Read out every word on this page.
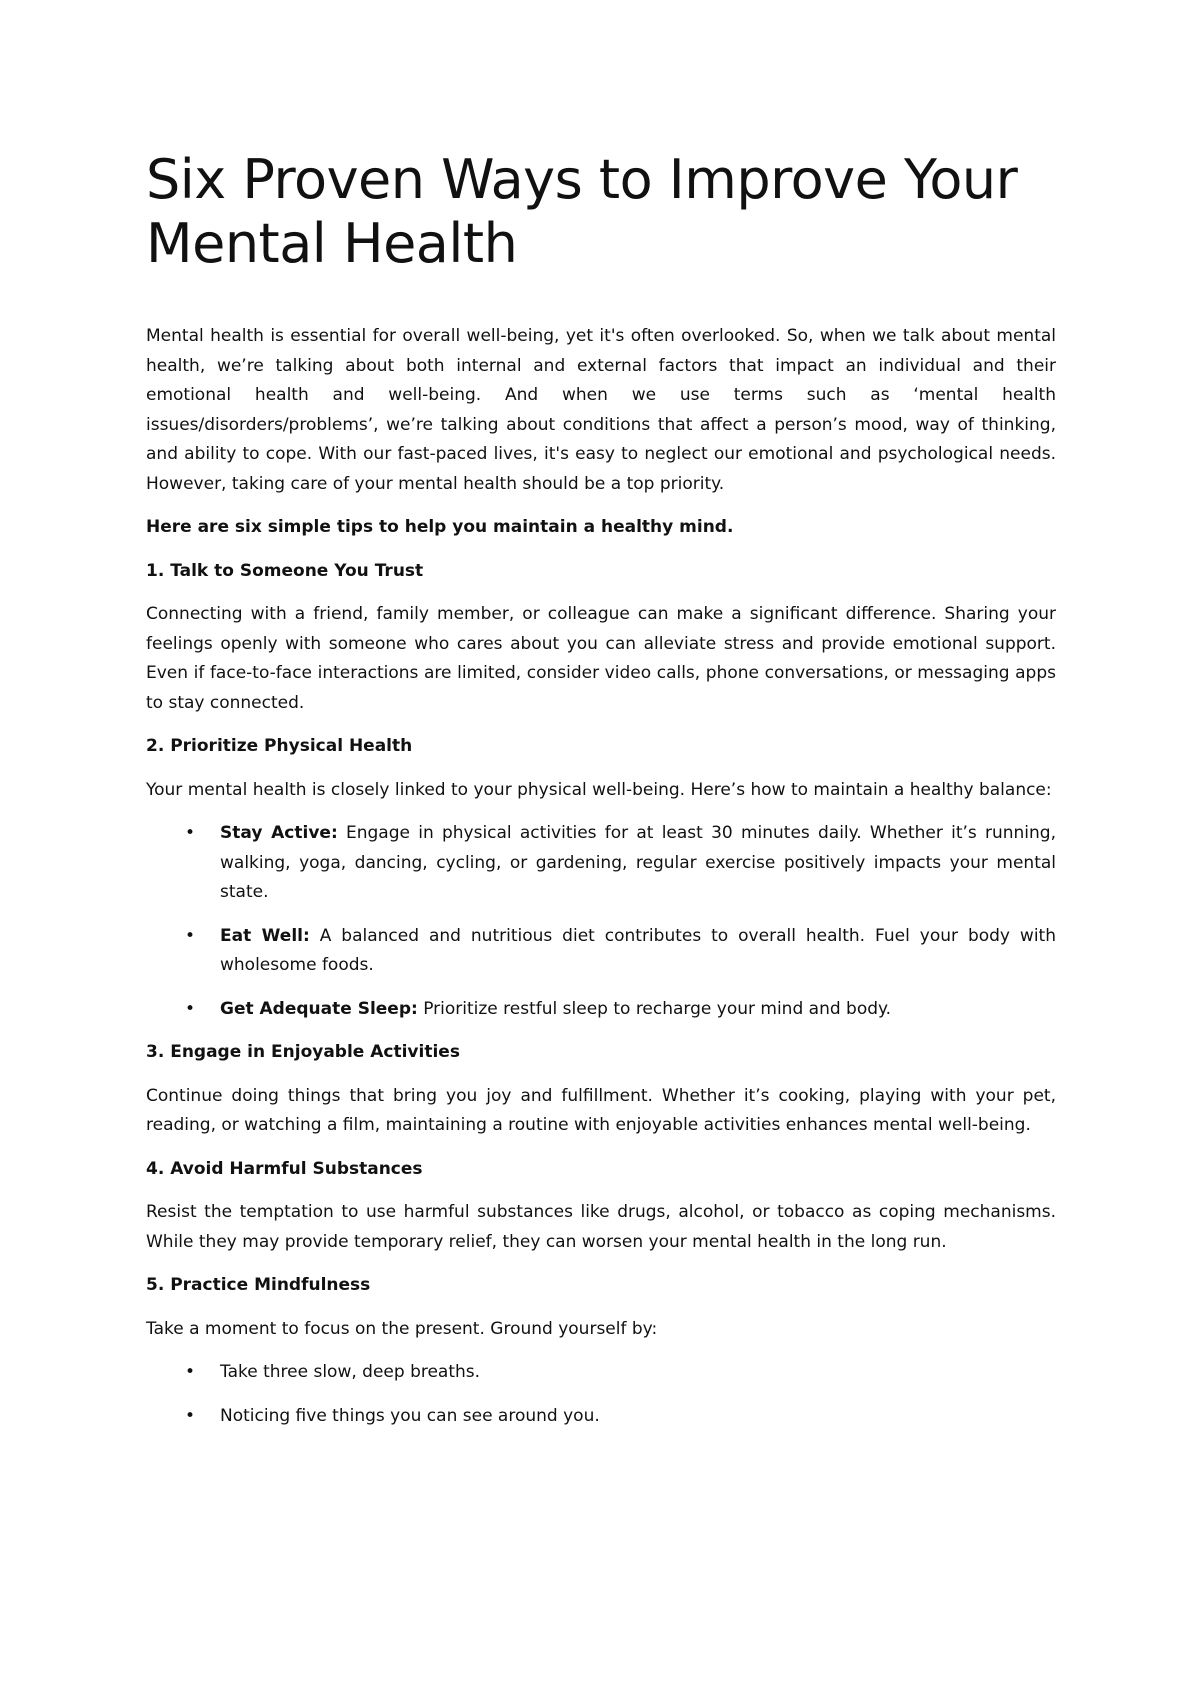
Six Proven Ways to Improve Your Mental Health

Mental health is essential for overall well-being, yet it's often overlooked. So, when we talk about mental health, we’re talking about both internal and external factors that impact an individual and their emotional health and well-being. And when we use terms such as ‘mental health issues/disorders/problems’, we’re talking about conditions that affect a person’s mood, way of thinking, and ability to cope. With our fast-paced lives, it's easy to neglect our emotional and psychological needs. However, taking care of your mental health should be a top priority.

Here are six simple tips to help you maintain a healthy mind.

1. Talk to Someone You Trust

Connecting with a friend, family member, or colleague can make a significant difference. Sharing your feelings openly with someone who cares about you can alleviate stress and provide emotional support. Even if face-to-face interactions are limited, consider video calls, phone conversations, or messaging apps to stay connected.

2. Prioritize Physical Health

Your mental health is closely linked to your physical well-being. Here’s how to maintain a healthy balance:

• Stay Active: Engage in physical activities for at least 30 minutes daily. Whether it’s running, walking, yoga, dancing, cycling, or gardening, regular exercise positively impacts your mental state.
• Eat Well: A balanced and nutritious diet contributes to overall health. Fuel your body with wholesome foods.
• Get Adequate Sleep: Prioritize restful sleep to recharge your mind and body.
3. Engage in Enjoyable Activities

Continue doing things that bring you joy and fulfillment. Whether it’s cooking, playing with your pet, reading, or watching a film, maintaining a routine with enjoyable activities enhances mental well-being.

4. Avoid Harmful Substances

Resist the temptation to use harmful substances like drugs, alcohol, or tobacco as coping mechanisms. While they may provide temporary relief, they can worsen your mental health in the long run.

5. Practice Mindfulness

Take a moment to focus on the present. Ground yourself by:

• Take three slow, deep breaths.
• Noticing five things you can see around you.
